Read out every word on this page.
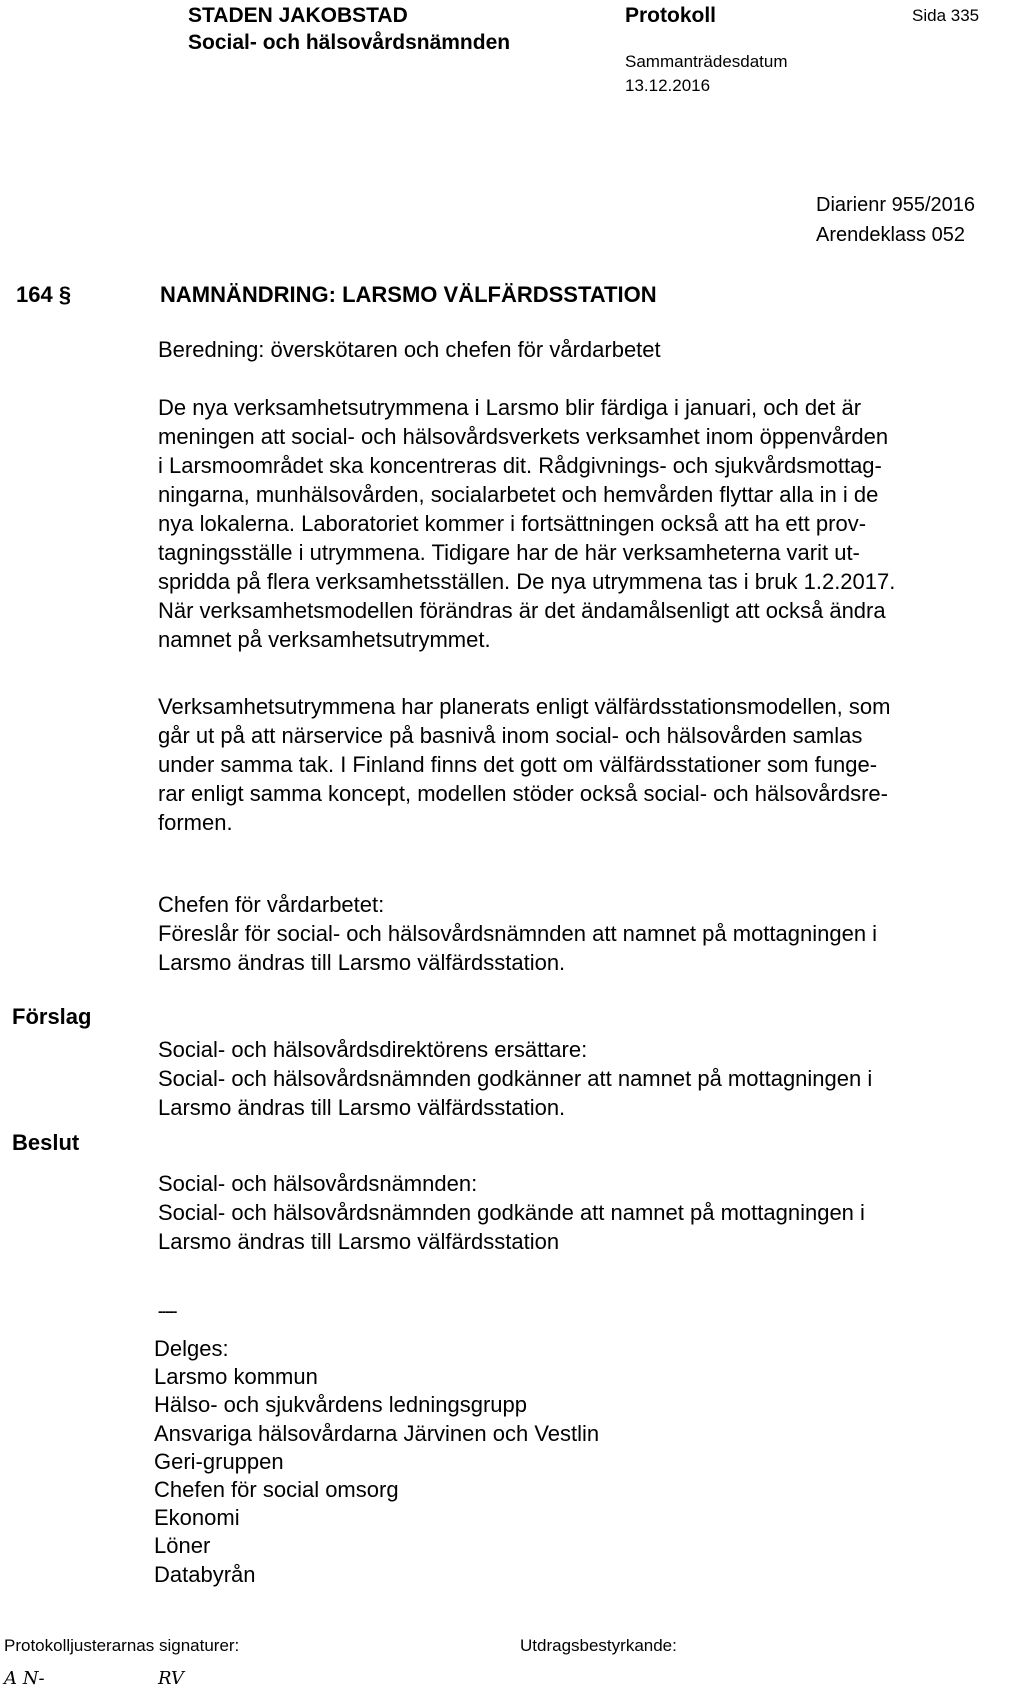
STADEN JAKOBSTAD
Social- och hälsovårdsnämnden
Protokoll	Sida 335
Sammanträdesdatum
13.12.2016
Diarienr 955/2016
Arendeklass 052
164 §	NAMNÄNDRING: LARSMO VÄLFÄRDSSTATION
Beredning: överskötaren och chefen för vårdarbetet
De nya verksamhetsutrymmena i Larsmo blir färdiga i januari, och det är
meningen att social- och hälsovårdsverkets verksamhet inom öppenvården
i Larsmoområdet ska koncentreras dit. Rådgivnings- och sjukvårdsmottag-
ningarna, munhälsovården, socialarbetet och hemvården flyttar alla in i de
nya lokalerna. Laboratoriet kommer i fortsättningen också att ha ett prov-
tagningsställe i utrymmena. Tidigare har de här verksamheterna varit ut-
spridda på flera verksamhetsställen. De nya utrymmena tas i bruk 1.2.2017.
När verksamhetsmodellen förändras är det ändamålsenligt att också ändra
namnet på verksamhetsutrymmet.
Verksamhetsutrymmena har planerats enligt välfärdsstationsmodellen, som
går ut på att närservice på basnivå inom social- och hälsovården samlas
under samma tak. I Finland finns det gott om välfärdsstationer som funge-
rar enligt samma koncept, modellen stöder också social- och hälsovårdsre-
formen.
Chefen för vårdarbetet:
Föreslår för social- och hälsovårdsnämnden att namnet på mottagningen i
Larsmo ändras till Larsmo välfärdsstation.
Förslag
Beslut
Social- och hälsovårdsdirektörens ersättare:
Social- och hälsovårdsnämnden godkänner att namnet på mottagningen i
Larsmo ändras till Larsmo välfärdsstation.
Social- och hälsovårdsnämnden:
Social- och hälsovårdsnämnden godkände att namnet på mottagningen i
Larsmo ändras till Larsmo välfärdsstation
-----
Delges:
Larsmo kommun
Hälso- och sjukvårdens ledningsgrupp
Ansvariga hälsovårdarna Järvinen och Vestlin
Geri-gruppen
Chefen för social omsorg
Ekonomi
Löner
Databyrån
Protokolljusterarnas signaturer:	Utdragsbestyrkande:
A N-	RV
